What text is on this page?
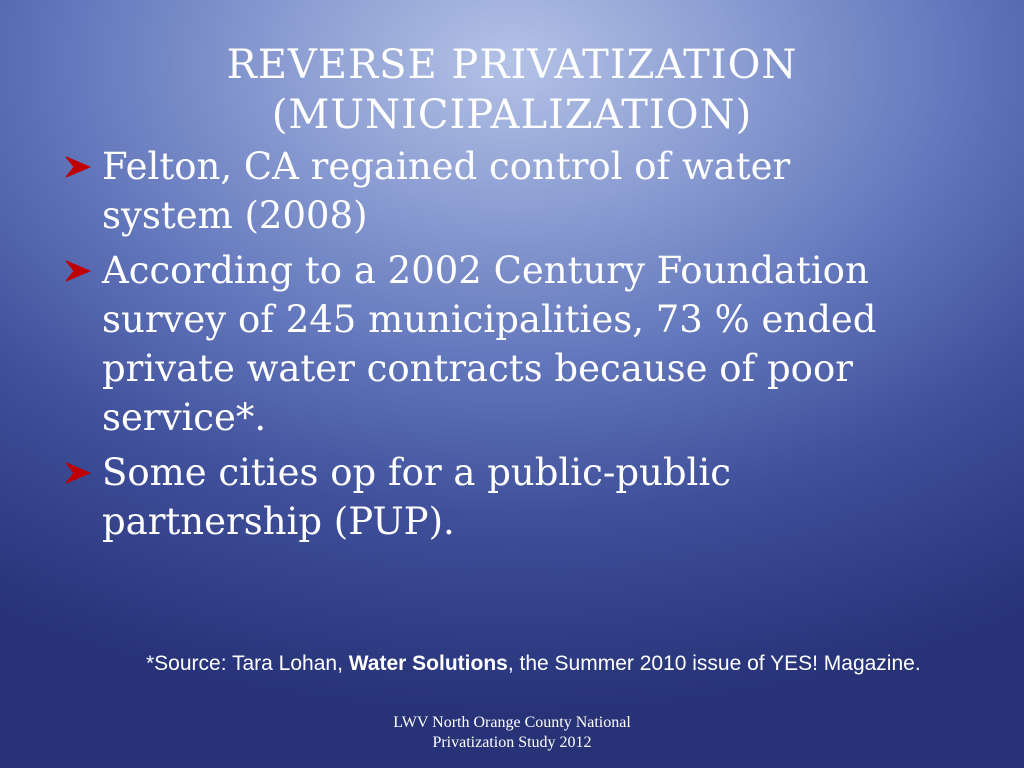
REVERSE PRIVATIZATION
(MUNICIPALIZATION)
Felton, CA regained control of water system (2008)
According to a 2002 Century Foundation survey of 245 municipalities, 73 % ended private water contracts because of poor service*.
Some cities op for a public-public partnership (PUP).
*Source: Tara Lohan, Water Solutions, the Summer 2010 issue of YES! Magazine.
LWV North Orange County National
Privatization Study 2012
